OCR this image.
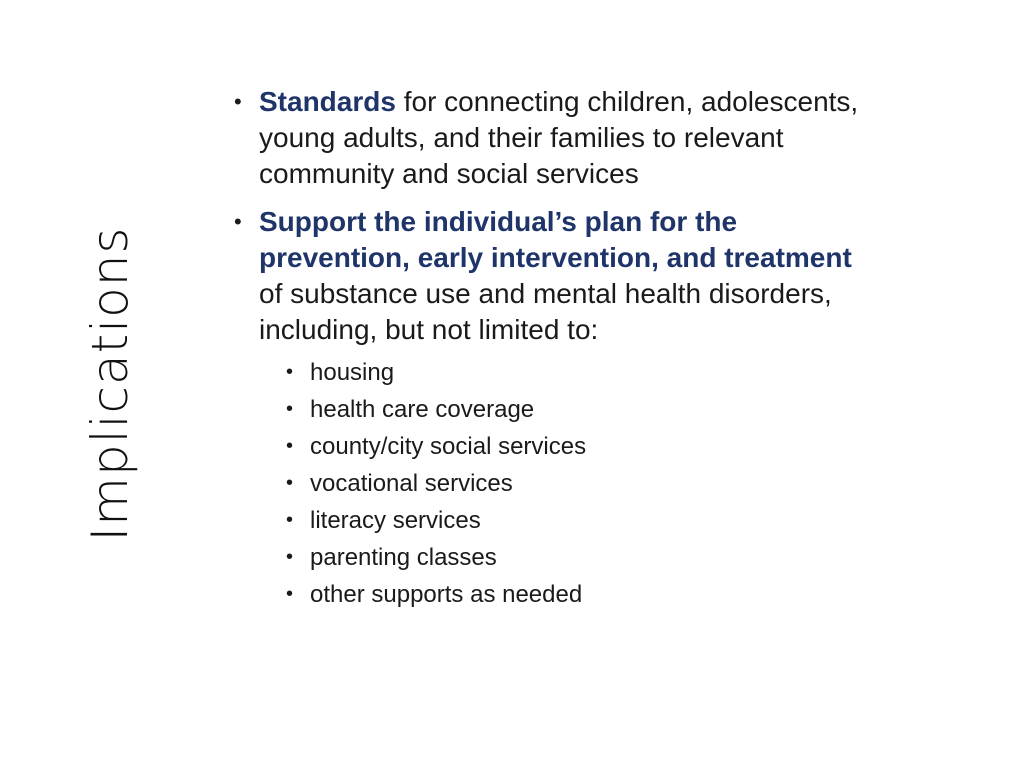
Implications
• Standards for connecting children, adolescents, young adults, and their families to relevant community and social services
• Support the individual’s plan for the prevention, early intervention, and treatment of substance use and mental health disorders, including, but not limited to:
• housing
• health care coverage
• county/city social services
• vocational services
• literacy services
• parenting classes
• other supports as needed
